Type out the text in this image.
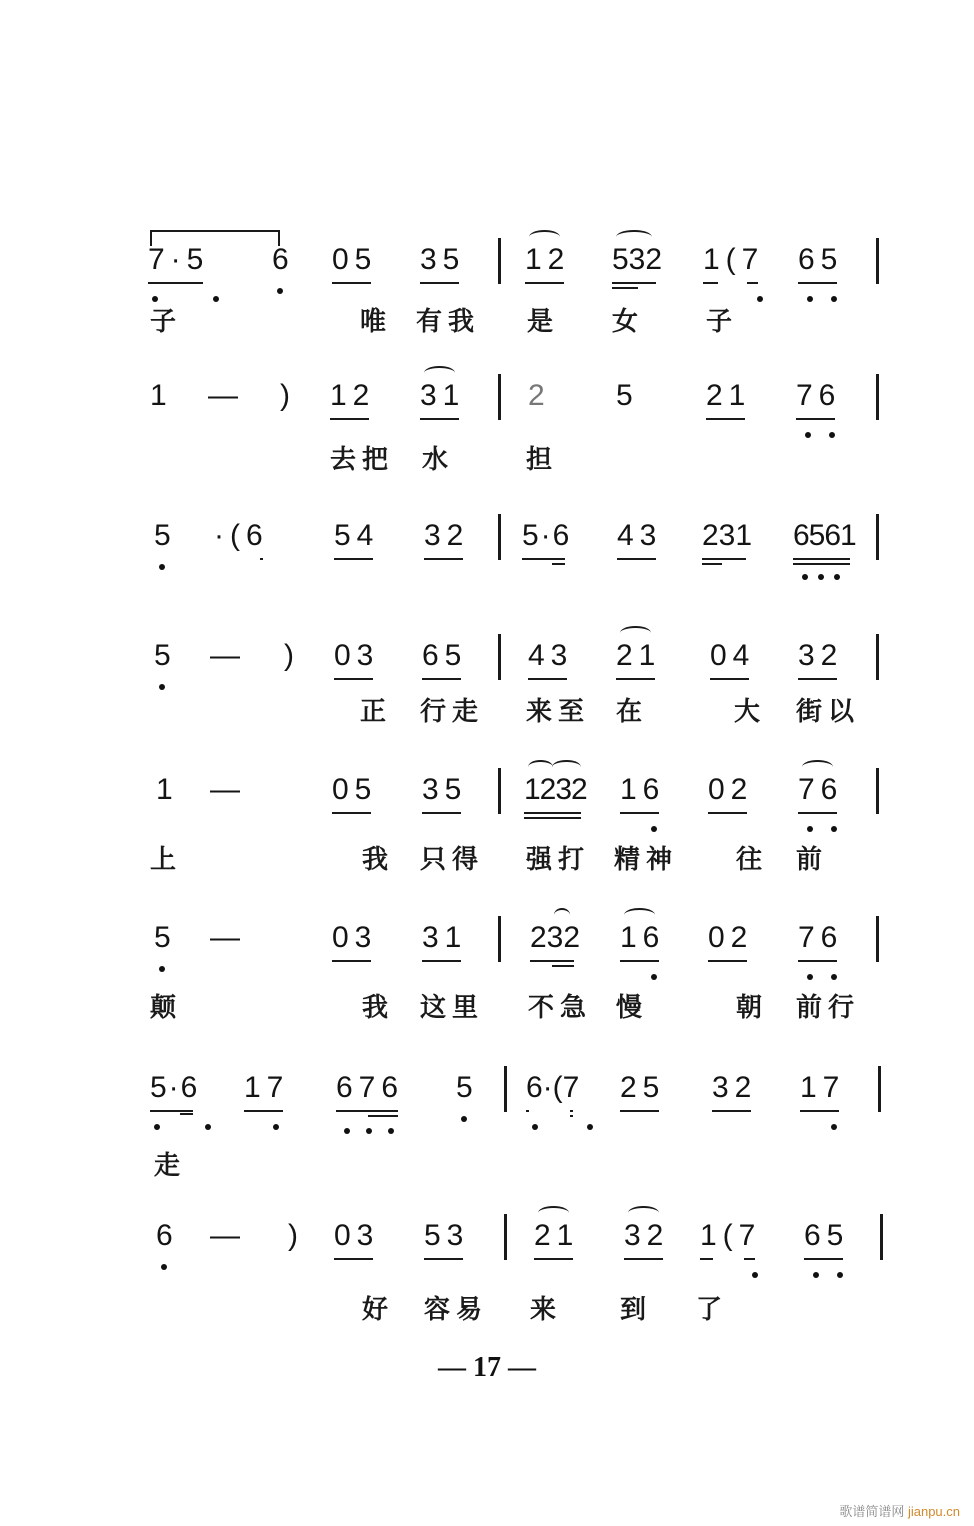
7·5 6 05 35 12 532 1(7 65
子	唯 有我 是 女 子
1 — ) 12 31 2 5 21 76
去把 水	担
5 ·(6 54 32 5·6 43 231 6561
5 — ) 03 65 43 21 04 32
正 行走 来至 在	大 街以
1 —	05 35 1232 16 02 76
上	我 只得 强打 精神 往 前
5 —	03 31 232 16 02 76
颠	我 这里 不急 慢	朝 前行
5·6 17 676 5 6·(7 25 32 17
走
6 — ) 03 53 21 32 1(7 65
好 容易 来 到 了
— 17 —
歌谱简谱网 jianpu.cn
